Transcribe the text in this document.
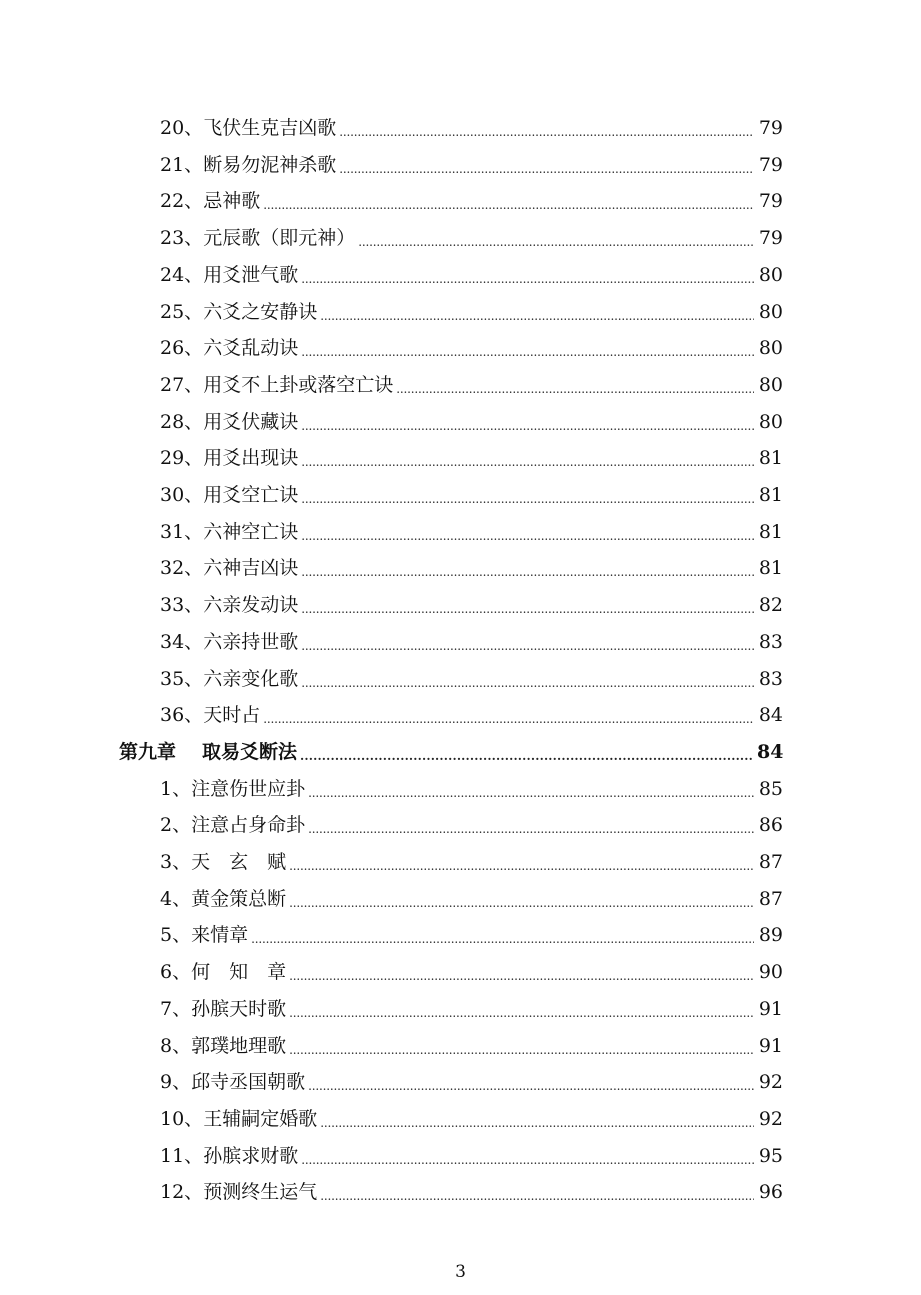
20、 飞伏生克吉凶歌 . . .	79
21、 断易勿泥神杀歌 . . .	79
22、 忌神歌 . . .	79
23、 元辰歌（即元神） . . .	79
24、 用爻泄气歌 . . .	80
25、 六爻之安静诀 . . .	80
26、 六爻乱动诀 . . .	80
27、 用爻不上卦或落空亡诀 . . .	80
28、 用爻伏藏诀 . . .	80
29、 用爻出现诀 . . .	81
30、 用爻空亡诀 . . .	81
31、 六神空亡诀 . . .	81
32、 六神吉凶诀 . . .	81
33、 六亲发动诀 . . .	82
34、 六亲持世歌 . . .	83
35、 六亲变化歌 . . .	83
36、 天时占 . . .	84
第九章 取易爻断法 . . .	84
1、 注意伤世应卦 . . .	85
2、 注意占身命卦 . . .	86
3、 天　玄　赋 . . .	87
4、 黄金策总断 . . .	87
5、 来情章 . . .	89
6、 何　知　章 . . .	90
7、 孙膑天时歌 . . .	91
8、 郭璞地理歌 . . .	91
9、 邱寺丞国朝歌 . . .	92
10、 王辅嗣定婚歌 . . .	92
11、 孙膑求财歌 . . .	95
12、 预测终生运气 . . .	96
3
